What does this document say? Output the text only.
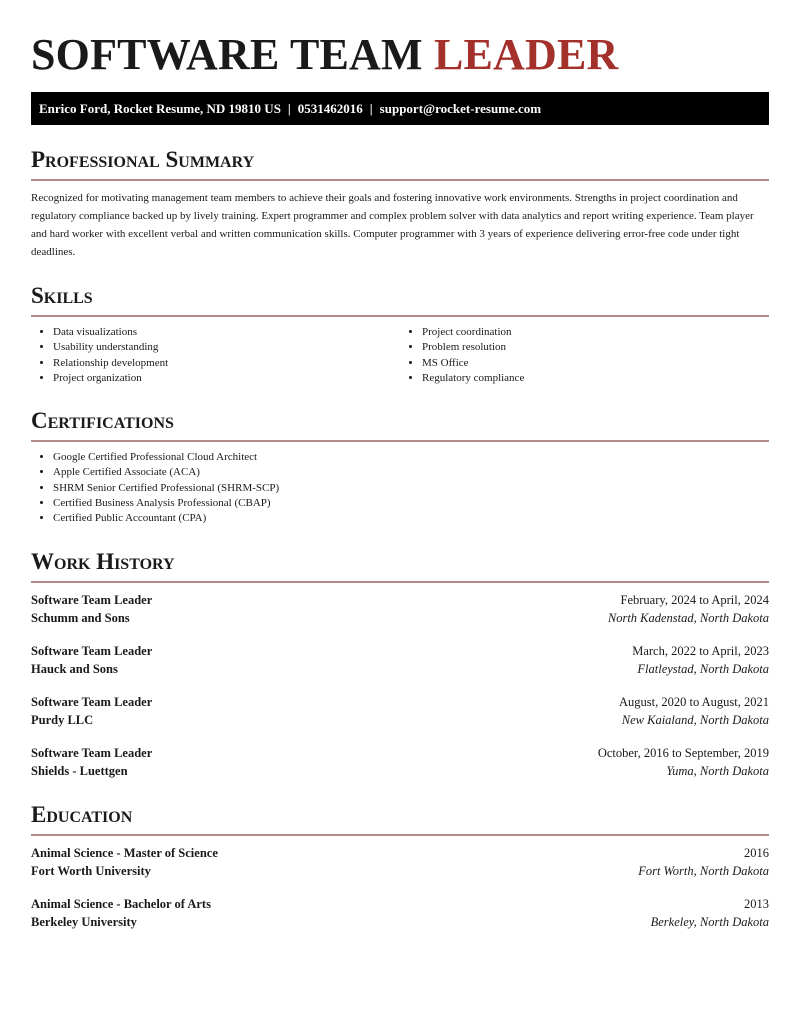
SOFTWARE TEAM LEADER
Enrico Ford, Rocket Resume, ND 19810 US | 0531462016 | support@rocket-resume.com
Professional Summary

Recognized for motivating management team members to achieve their goals and fostering innovative work environments. Strengths in project coordination and regulatory compliance backed up by lively training. Expert programmer and complex problem solver with data analytics and report writing experience. Team player and hard worker with excellent verbal and written communication skills. Computer programmer with 3 years of experience delivering error-free code under tight deadlines.

Skills
• Data visualizations
• Usability understanding
• Relationship development
• Project organization
• Project coordination
• Problem resolution
• MS Office
• Regulatory compliance
Certifications
• Google Certified Professional Cloud Architect
• Apple Certified Associate (ACA)
• SHRM Senior Certified Professional (SHRM-SCP)
• Certified Business Analysis Professional (CBAP)
• Certified Public Accountant (CPA)
Work History
Software Team Leader	February, 2024 to April, 2024
Schumm and Sons	North Kadenstad, North Dakota
Software Team Leader	March, 2022 to April, 2023
Hauck and Sons	Flatleystad, North Dakota
Software Team Leader	August, 2020 to August, 2021
Purdy LLC	New Kaialand, North Dakota
Software Team Leader	October, 2016 to September, 2019
Shields - Luettgen	Yuma, North Dakota
Education
Animal Science - Master of Science	2016
Fort Worth University	Fort Worth, North Dakota
Animal Science - Bachelor of Arts	2013
Berkeley University	Berkeley, North Dakota
